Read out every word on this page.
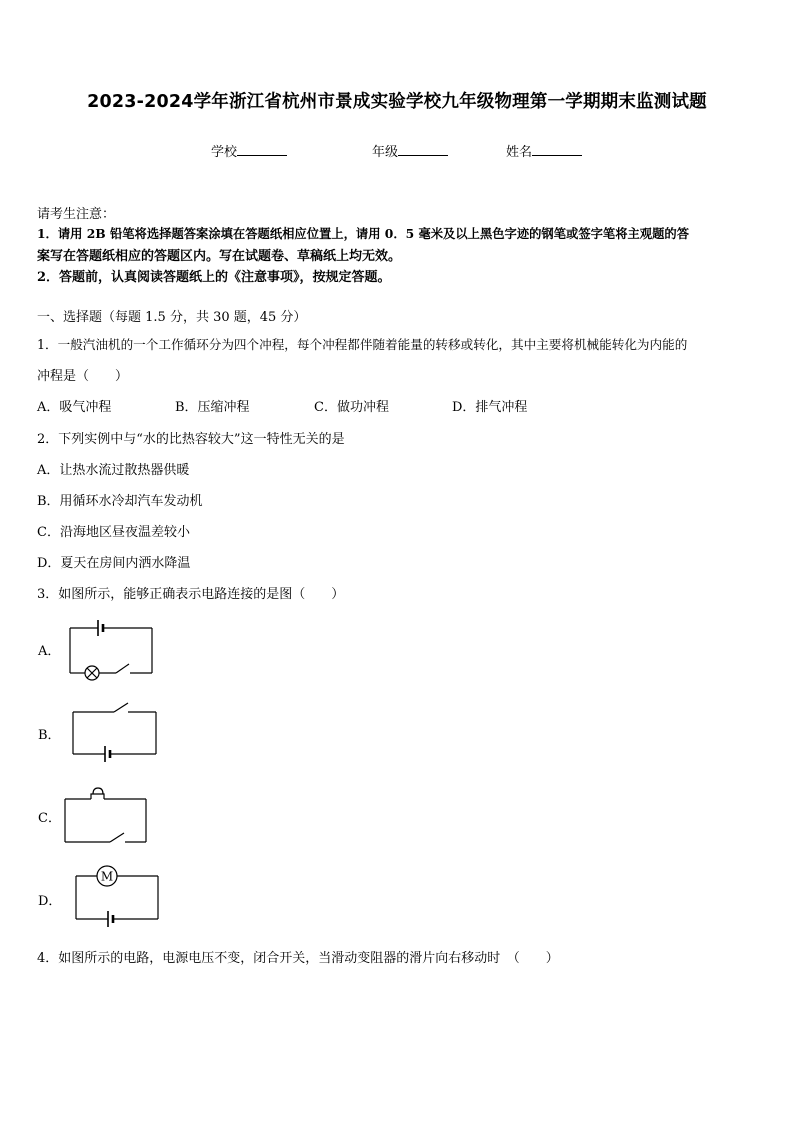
2023-2024学年浙江省杭州市景成实验学校九年级物理第一学期期末监测试题
学校	年级	姓名
请考生注意：
1．请用 2B 铅笔将选择题答案涂填在答题纸相应位置上，请用 0．5 毫米及以上黑色字迹的钢笔或签字笔将主观题的答
案写在答题纸相应的答题区内。写在试题卷、草稿纸上均无效。
2．答题前，认真阅读答题纸上的《注意事项》，按规定答题。
一、选择题（每题 1.5 分，共 30 题，45 分）
1．一般汽油机的一个工作循环分为四个冲程，每个冲程都伴随着能量的转移或转化，其中主要将机械能转化为内能的
冲程是（　　）
A．吸气冲程	B．压缩冲程	C．做功冲程	D．排气冲程
2．下列实例中与“水的比热容较大”这一特性无关的是
A．让热水流过散热器供暖
B．用循环水冷却汽车发动机
C．沿海地区昼夜温差较小
D．夏天在房间内洒水降温
3．如图所示，能够正确表示电路连接的是图（　　）
A．
B．
C．
D．
M
4．如图所示的电路，电源电压不变，闭合开关，当滑动变阻器的滑片向右移动时　（　　）
